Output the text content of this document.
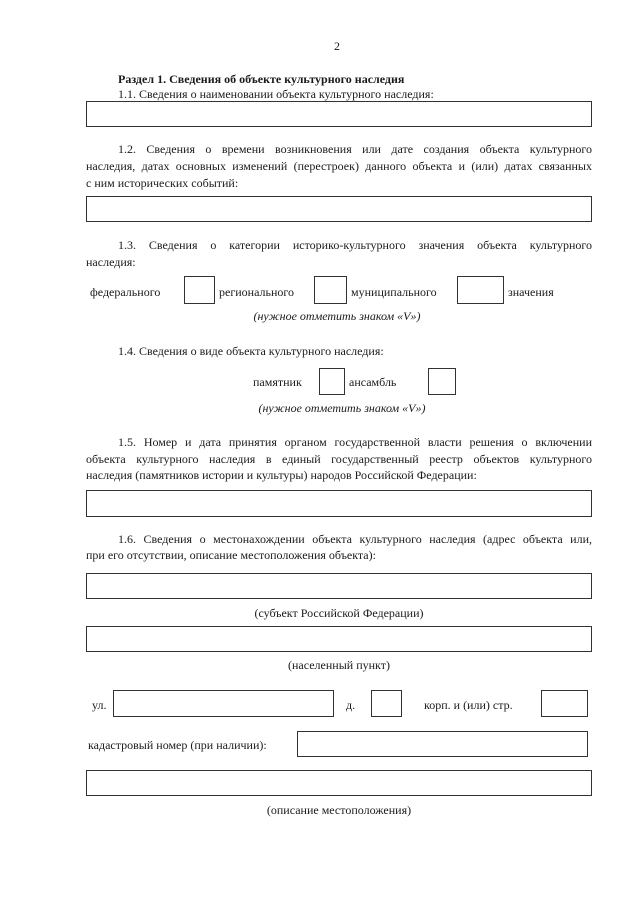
2
Раздел 1. Сведения об объекте культурного наследия
1.1. Сведения о наименовании объекта культурного наследия:
1.2. Сведения о времени возникновения или дате создания объекта культурного
наследия, датах основных изменений (перестроек) данного объекта и (или) датах связанных
с ним исторических событий:
1.3. Сведения о категории историко-культурного значения объекта культурного
наследия:
федерального	регионального	муниципального	значения
(нужное отметить знаком «V»)
1.4. Сведения о виде объекта культурного наследия:
памятник	ансамбль
(нужное отметить знаком «V»)
1.5. Номер и дата принятия органом государственной власти решения о включении
объекта культурного наследия в единый государственный реестр объектов культурного
наследия (памятников истории и культуры) народов Российской Федерации:
1.6. Сведения о местонахождении объекта культурного наследия (адрес объекта или,
при его отсутствии, описание местоположения объекта):
(субъект Российской Федерации)
(населенный пункт)
ул.	д.	корп. и (или) стр.
кадастровый номер (при наличии):
(описание местоположения)
